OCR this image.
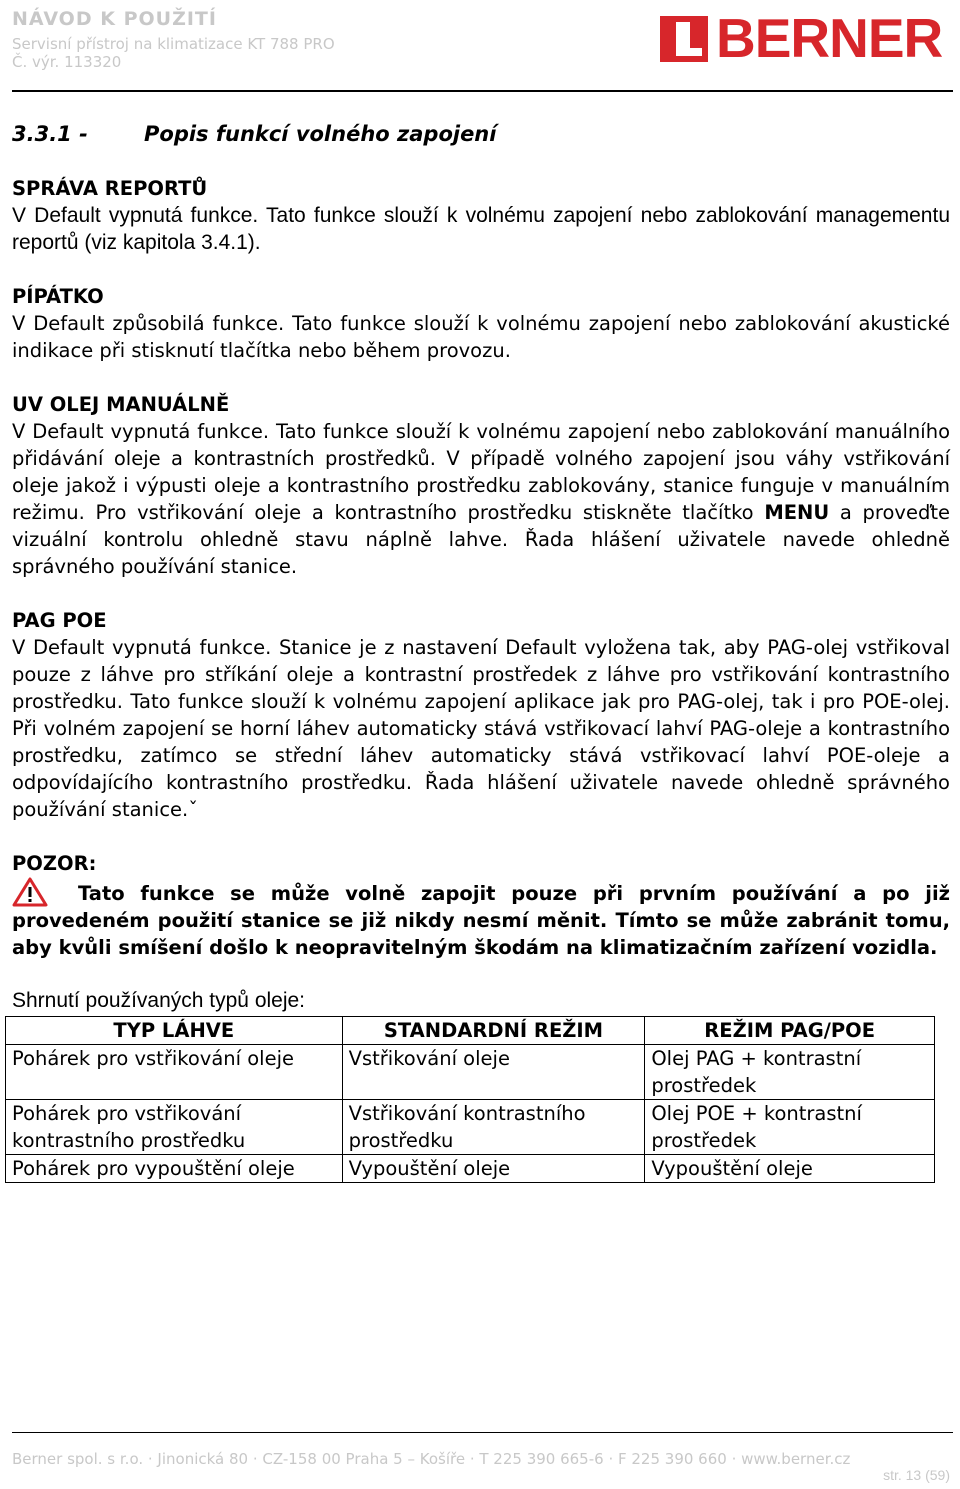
NÁVOD K POUŽITÍ
Servisní přístroj na klimatizace KT 788 PRO
Č. výr. 113320	BERNER

3.3.1 -	Popis funkcí volného zapojení

SPRÁVA REPORTŮ

V Default vypnutá funkce. Tato funkce slouží k volnému zapojení nebo zablokování managementu reportů (viz kapitola 3.4.1).

PÍPÁTKO

V Default způsobilá funkce. Tato funkce slouží k volnému zapojení nebo zablokování akustické indikace při stisknutí tlačítka nebo během provozu.

UV OLEJ MANUÁLNĚ

V Default vypnutá funkce. Tato funkce slouží k volnému zapojení nebo zablokování manuálního přidávání oleje a kontrastních prostředků. V případě volného zapojení jsou váhy vstřikování oleje jakož i výpusti oleje a kontrastního prostředku zablokovány, stanice funguje v manuálním režimu. Pro vstřikování oleje a kontrastního prostředku stiskněte tlačítko MENU a proveďte vizuální kontrolu ohledně stavu náplně lahve. Řada hlášení uživatele navede ohledně správného používání stanice.

PAG POE

V Default vypnutá funkce. Stanice je z nastavení Default vyložena tak, aby PAG-olej vstřikoval pouze z láhve pro stříkání oleje a kontrastní prostředek z láhve pro vstřikování kontrastního prostředku. Tato funkce slouží k volnému zapojení aplikace jak pro PAG-olej, tak i pro POE-olej. Při volném zapojení se horní láhev automaticky stává vstřikovací lahví PAG-oleje a kontrastního prostředku, zatímco se střední láhev automaticky stává vstřikovací lahví POE-oleje a odpovídajícího kontrastního prostředku. Řada hlášení uživatele navede ohledně správného používání stanice.ˇ

POZOR:

Tato funkce se může volně zapojit pouze při prvním používání a po již provedeném použití stanice se již nikdy nesmí měnit. Tímto se může zabránit tomu, aby kvůli smíšení došlo k neopravitelným škodám na klimatizačním zařízení vozidla.

Shrnutí používaných typů oleje:

TYP LÁHVE	STANDARDNÍ REŽIM	REŽIM PAG/POE
Pohárek pro vstřikování oleje	Vstřikování oleje	Olej PAG + kontrastní prostředek
Pohárek pro vstřikování kontrastního prostředku	Vstřikování kontrastního prostředku	Olej POE + kontrastní prostředek
Pohárek pro vypouštění oleje	Vypouštění oleje	Vypouštění oleje
Berner spol. s r.o. · Jinonická 80 · CZ-158 00 Praha 5 – Košíře · T 225 390 665-6 · F 225 390 660 · www.berner.cz
str. 13 (59)
